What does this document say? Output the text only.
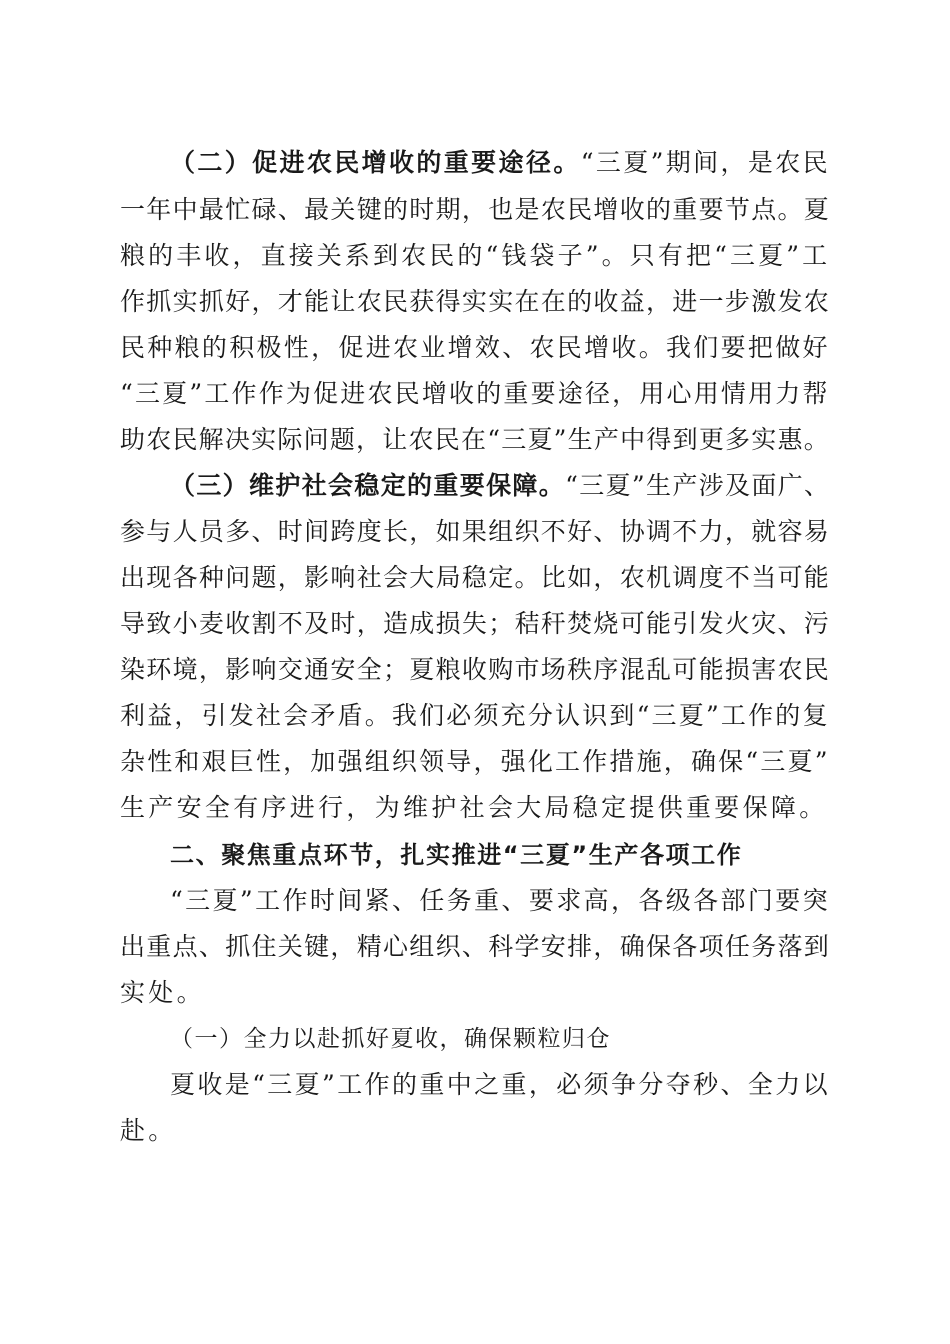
（二）促进农民增收的重要途径。“三夏”期间，是农民
一年中最忙碌、最关键的时期，也是农民增收的重要节点。夏
粮的丰收，直接关系到农民的“钱袋子”。只有把“三夏”工
作抓实抓好，才能让农民获得实实在在的收益，进一步激发农
民种粮的积极性，促进农业增效、农民增收。我们要把做好
“三夏”工作作为促进农民增收的重要途径，用心用情用力帮
助农民解决实际问题，让农民在“三夏”生产中得到更多实惠。
（三）维护社会稳定的重要保障。“三夏”生产涉及面广、
参与人员多、时间跨度长，如果组织不好、协调不力，就容易
出现各种问题，影响社会大局稳定。比如，农机调度不当可能
导致小麦收割不及时，造成损失；秸秆焚烧可能引发火灾、污
染环境，影响交通安全；夏粮收购市场秩序混乱可能损害农民
利益，引发社会矛盾。我们必须充分认识到“三夏”工作的复
杂性和艰巨性，加强组织领导，强化工作措施，确保“三夏”
生产安全有序进行，为维护社会大局稳定提供重要保障。
二、聚焦重点环节，扎实推进“三夏”生产各项工作
“三夏”工作时间紧、任务重、要求高，各级各部门要突
出重点、抓住关键，精心组织、科学安排，确保各项任务落到
实处。
（一）全力以赴抓好夏收，确保颗粒归仓
夏收是“三夏”工作的重中之重，必须争分夺秒、全力以
赴。
